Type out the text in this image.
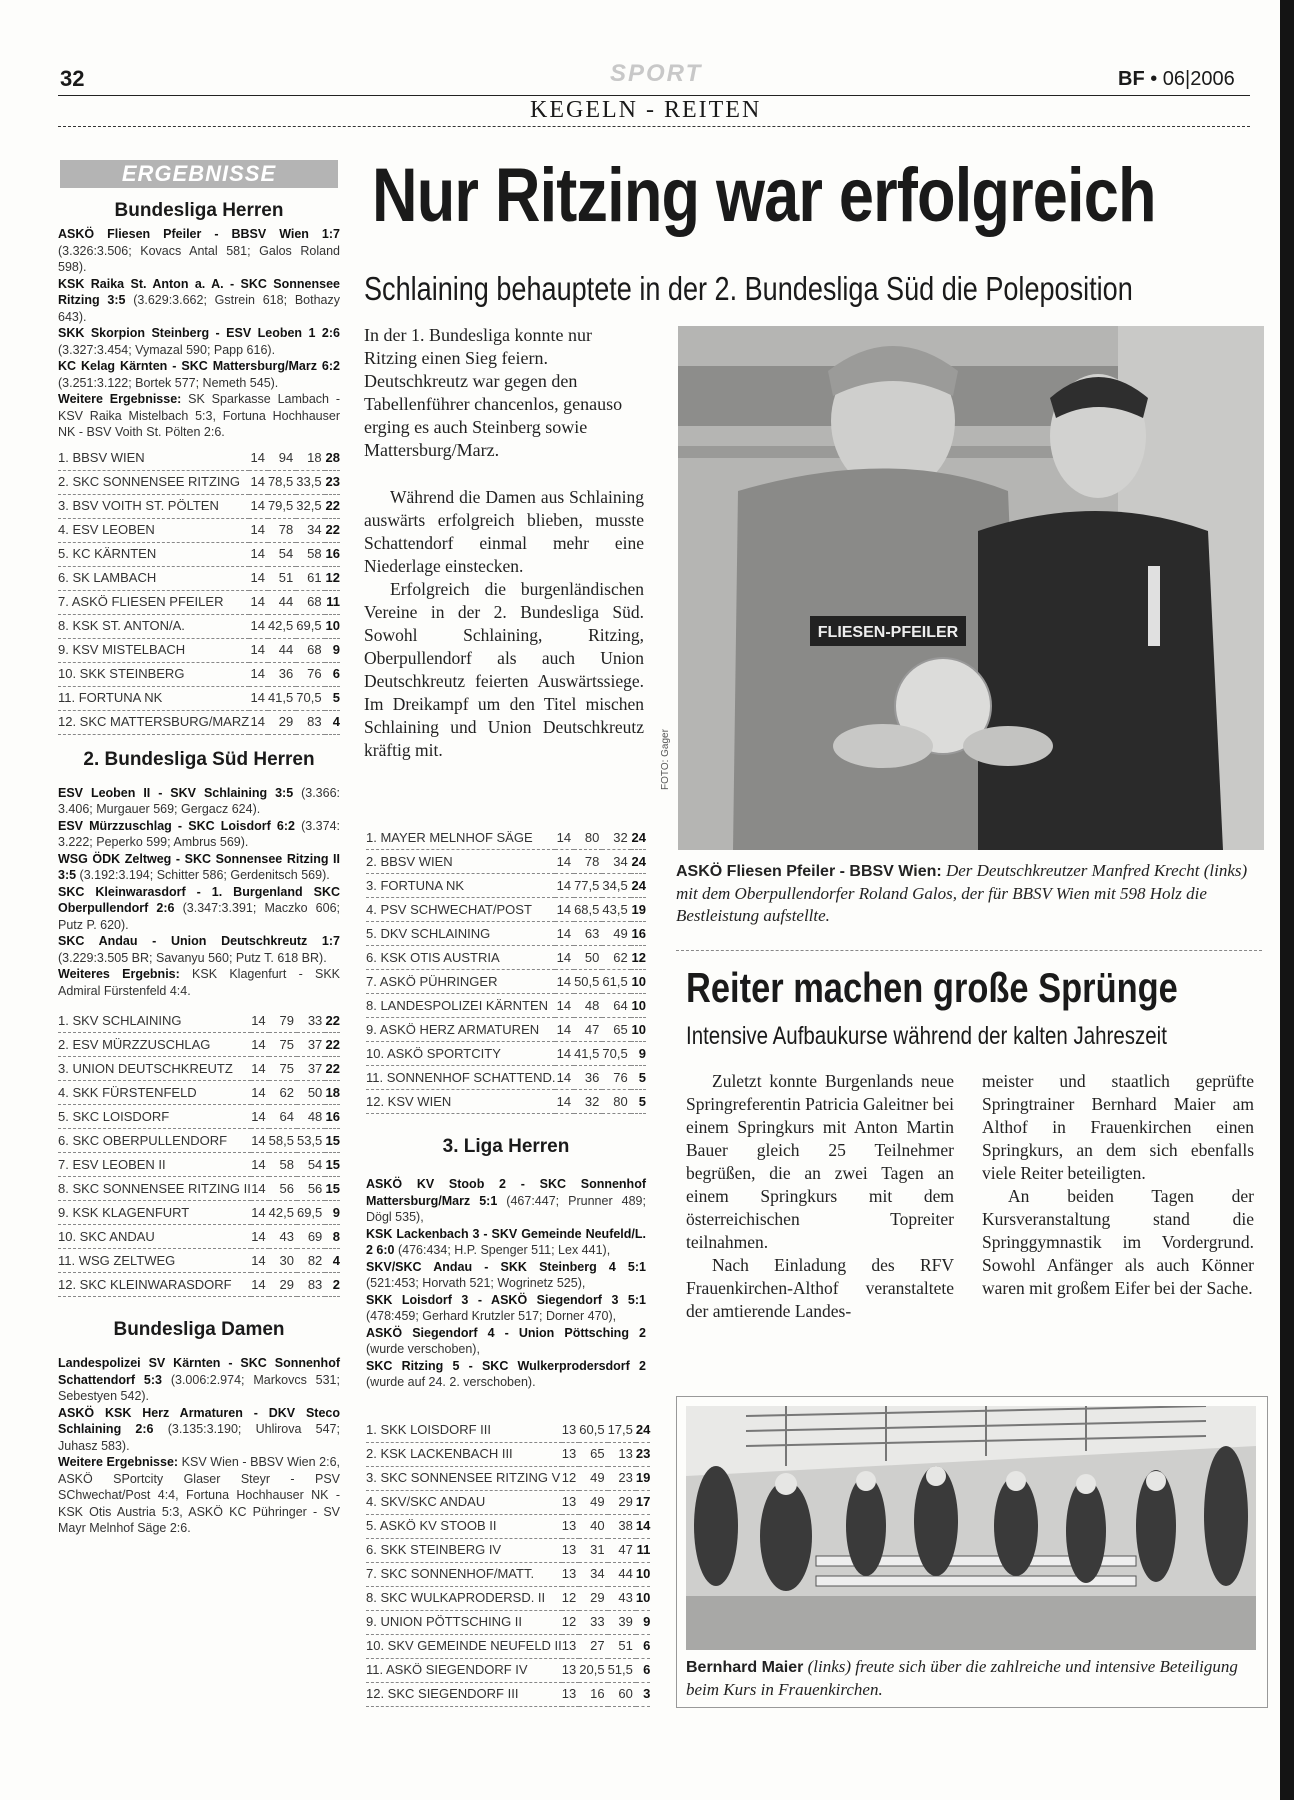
32	SPORT	BF • 06|2006
KEGELN - REITEN
ERGEBNISSE
Bundesliga Herren

ASKÖ Fliesen Pfeiler - BBSV Wien 1:7 (3.326:3.506; Kovacs Antal 581; Galos Roland 598).

KSK Raika St. Anton a. A. - SKC Sonnensee Ritzing 3:5 (3.629:3.662; Gstrein 618; Bothazy 643).

SKK Skorpion Steinberg - ESV Leoben 1 2:6 (3.327:3.454; Vymazal 590; Papp 616).

KC Kelag Kärnten - SKC Mattersburg/Marz 6:2 (3.251:3.122; Bortek 577; Nemeth 545).

Weitere Ergebnisse: SK Sparkasse Lambach - KSV Raika Mistelbach 5:3, Fortuna Hochhauser NK - BSV Voith St. Pölten 2:6.

1. BBSV WIEN	14	94	18	28
2. SKC SONNENSEE RITZING	14	78,5	33,5	23
3. BSV VOITH ST. PÖLTEN	14	79,5	32,5	22
4. ESV LEOBEN	14	78	34	22
5. KC KÄRNTEN	14	54	58	16
6. SK LAMBACH	14	51	61	12
7. ASKÖ FLIESEN PFEILER	14	44	68	11
8. KSK ST. ANTON/A.	14	42,5	69,5	10
9. KSV MISTELBACH	14	44	68	9
10. SKK STEINBERG	14	36	76	6
11. FORTUNA NK	14	41,5	70,5	5
12. SKC MATTERSBURG/MARZ	14	29	83	4
2. Bundesliga Süd Herren

ESV Leoben II - SKV Schlaining 3:5 (3.366: 3.406; Murgauer 569; Gergacz 624).

ESV Mürzzuschlag - SKC Loisdorf 6:2 (3.374: 3.222; Peperko 599; Ambrus 569).

WSG ÖDK Zeltweg - SKC Sonnensee Ritzing II 3:5 (3.192:3.194; Schitter 586; Gerdenitsch 569).

SKC Kleinwarasdorf - 1. Burgenland SKC Oberpullendorf 2:6 (3.347:3.391; Maczko 606; Putz P. 620).

SKC Andau - Union Deutschkreutz 1:7 (3.229:3.505 BR; Savanyu 560; Putz T. 618 BR).

Weiteres Ergebnis: KSK Klagenfurt - SKK Admiral Fürstenfeld 4:4.

1. SKV SCHLAINING	14	79	33	22
2. ESV MÜRZZUSCHLAG	14	75	37	22
3. UNION DEUTSCHKREUTZ	14	75	37	22
4. SKK FÜRSTENFELD	14	62	50	18
5. SKC LOISDORF	14	64	48	16
6. SKC OBERPULLENDORF	14	58,5	53,5	15
7. ESV LEOBEN II	14	58	54	15
8. SKC SONNENSEE RITZING II	14	56	56	15
9. KSK KLAGENFURT	14	42,5	69,5	9
10. SKC ANDAU	14	43	69	8
11. WSG ZELTWEG	14	30	82	4
12. SKC KLEINWARASDORF	14	29	83	2
Bundesliga Damen

Landespolizei SV Kärnten - SKC Sonnenhof Schattendorf 5:3 (3.006:2.974; Markovcs 531; Sebestyen 542).

ASKÖ KSK Herz Armaturen - DKV Steco Schlaining 2:6 (3.135:3.190; Uhlirova 547; Juhasz 583).

Weitere Ergebnisse: KSV Wien - BBSV Wien 2:6, ASKÖ SPortcity Glaser Steyr - PSV SChwechat/Post 4:4, Fortuna Hochhauser NK - KSK Otis Austria 5:3, ASKÖ KC Pühringer - SV Mayr Melnhof Säge 2:6.

Nur Ritzing war erfolgreich
Schlaining behauptete in der 2. Bundesliga Süd die Poleposition
In der 1. Bundesliga konnte nur Ritzing einen Sieg feiern. Deutschkreutz war gegen den Tabellenführer chancenlos, genauso erging es auch Steinberg sowie Mattersburg/Marz.

Während die Damen aus Schlaining auswärts erfolgreich blieben, musste Schattendorf einmal mehr eine Niederlage einstecken.

Erfolgreich die burgenländischen Vereine in der 2. Bundesliga Süd. Sowohl Schlaining, Ritzing, Oberpullendorf als auch Union Deutschkreutz feierten Auswärtssiege. Im Dreikampf um den Titel mischen Schlaining und Union Deutschkreutz kräftig mit.

1. MAYER MELNHOF SÄGE	14	80	32	24
2. BBSV WIEN	14	78	34	24
3. FORTUNA NK	14	77,5	34,5	24
4. PSV SCHWECHAT/POST	14	68,5	43,5	19
5. DKV SCHLAINING	14	63	49	16
6. KSK OTIS AUSTRIA	14	50	62	12
7. ASKÖ PÜHRINGER	14	50,5	61,5	10
8. LANDESPOLIZEI KÄRNTEN	14	48	64	10
9. ASKÖ HERZ ARMATUREN	14	47	65	10
10. ASKÖ SPORTCITY	14	41,5	70,5	9
11. SONNENHOF SCHATTEND.	14	36	76	5
12. KSV WIEN	14	32	80	5
3. Liga Herren

ASKÖ KV Stoob 2 - SKC Sonnenhof Mattersburg/Marz 5:1 (467:447; Prunner 489; Dögl 535),

KSK Lackenbach 3 - SKV Gemeinde Neufeld/L. 2 6:0 (476:434; H.P. Spenger 511; Lex 441),

SKV/SKC Andau - SKK Steinberg 4 5:1 (521:453; Horvath 521; Wogrinetz 525),

SKK Loisdorf 3 - ASKÖ Siegendorf 3 5:1 (478:459; Gerhard Krutzler 517; Dorner 470),

ASKÖ Siegendorf 4 - Union Pöttsching 2 (wurde verschoben),

SKC Ritzing 5 - SKC Wulkerprodersdorf 2 (wurde auf 24. 2. verschoben).

1. SKK LOISDORF III	13	60,5	17,5	24
2. KSK LACKENBACH III	13	65	13	23
3. SKC SONNENSEE RITZING V	12	49	23	19
4. SKV/SKC ANDAU	13	49	29	17
5. ASKÖ KV STOOB II	13	40	38	14
6. SKK STEINBERG IV	13	31	47	11
7. SKC SONNENHOF/MATT.	13	34	44	10
8. SKC WULKAPRODERSD. II	12	29	43	10
9. UNION PÖTTSCHING II	12	33	39	9
10. SKV GEMEINDE NEUFELD II	13	27	51	6
11. ASKÖ SIEGENDORF IV	13	20,5	51,5	6
12. SKC SIEGENDORF III	13	16	60	3
FLIESEN-PFEILER
FOTO: Gager
ASKÖ Fliesen Pfeiler - BBSV Wien: Der Deutschkreutzer Manfred Krecht (links) mit dem Oberpullendorfer Roland Galos, der für BBSV Wien mit 598 Holz die Bestleistung aufstellte.
Reiter machen große Sprünge
Intensive Aufbaukurse während der kalten Jahreszeit

Zuletzt konnte Burgenlands neue Springreferentin Patricia Galeitner bei einem Springkurs mit Anton Martin Bauer gleich 25 Teilnehmer begrüßen, die an zwei Tagen an einem Springkurs mit dem österreichischen Topreiter teilnahmen.

Nach Einladung des RFV Frauenkirchen-Althof veranstaltete der amtierende Landes-

meister und staatlich geprüfte Springtrainer Bernhard Maier am Althof in Frauenkirchen einen Springkurs, an dem sich ebenfalls viele Reiter beteiligten.

An beiden Tagen der Kursveranstaltung stand die Springgymnastik im Vordergrund. Sowohl Anfänger als auch Könner waren mit großem Eifer bei der Sache.

Bernhard Maier (links) freute sich über die zahlreiche und intensive Beteiligung beim Kurs in Frauenkirchen.
